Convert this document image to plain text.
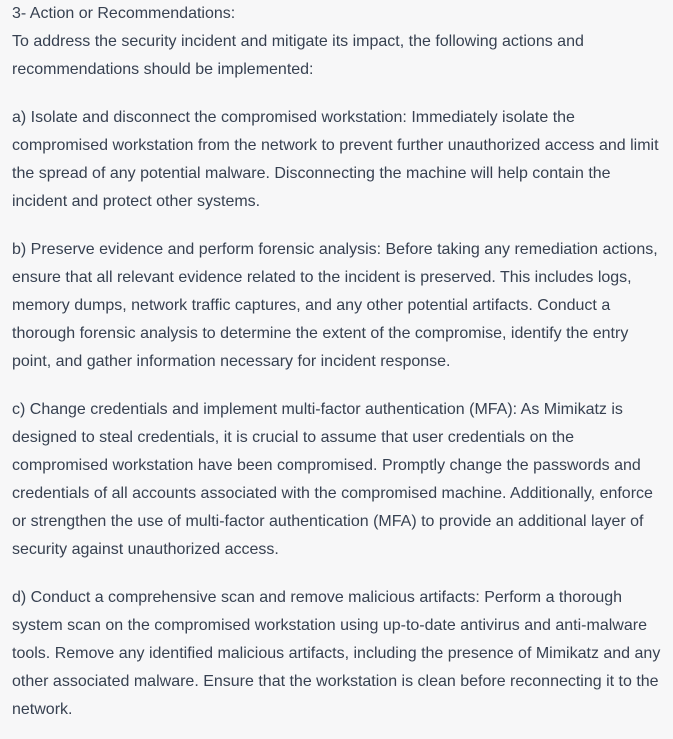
3- Action or Recommendations:
To address the security incident and mitigate its impact, the following actions and recommendations should be implemented:
a) Isolate and disconnect the compromised workstation: Immediately isolate the compromised workstation from the network to prevent further unauthorized access and limit the spread of any potential malware. Disconnecting the machine will help contain the incident and protect other systems.
b) Preserve evidence and perform forensic analysis: Before taking any remediation actions, ensure that all relevant evidence related to the incident is preserved. This includes logs, memory dumps, network traffic captures, and any other potential artifacts. Conduct a thorough forensic analysis to determine the extent of the compromise, identify the entry point, and gather information necessary for incident response.
c) Change credentials and implement multi-factor authentication (MFA): As Mimikatz is designed to steal credentials, it is crucial to assume that user credentials on the compromised workstation have been compromised. Promptly change the passwords and credentials of all accounts associated with the compromised machine. Additionally, enforce or strengthen the use of multi-factor authentication (MFA) to provide an additional layer of security against unauthorized access.
d) Conduct a comprehensive scan and remove malicious artifacts: Perform a thorough system scan on the compromised workstation using up-to-date antivirus and anti-malware tools. Remove any identified malicious artifacts, including the presence of Mimikatz and any other associated malware. Ensure that the workstation is clean before reconnecting it to the network.
